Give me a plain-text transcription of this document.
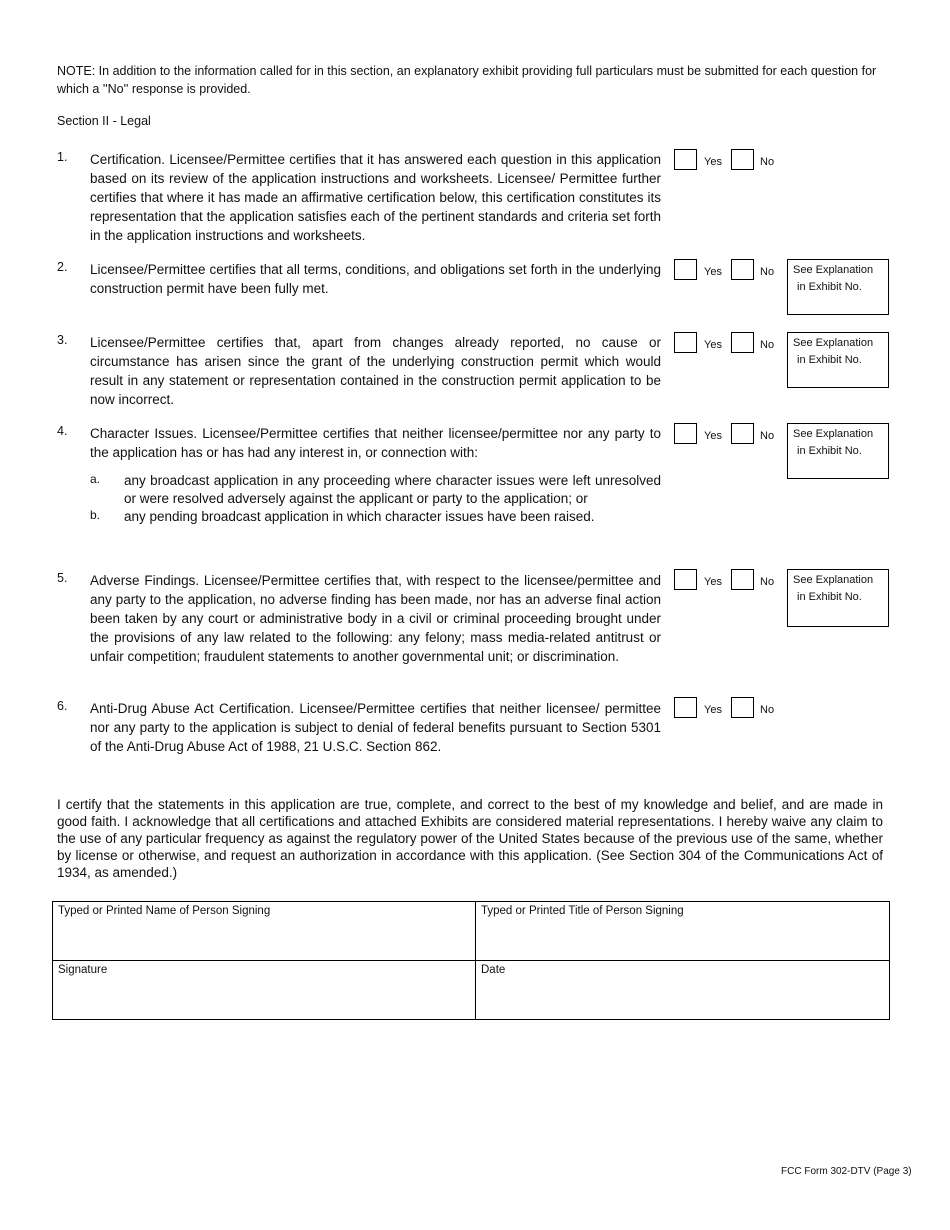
NOTE: In addition to the information called for in this section, an explanatory exhibit providing full particulars must be submitted for each question for which a ''No'' response is provided.
Section II - Legal
1. Certification. Licensee/Permittee certifies that it has answered each question in this application based on its review of the application instructions and worksheets. Licensee/ Permittee further certifies that where it has made an affirmative certification below, this certification constitutes its representation that the application satisfies each of the pertinent standards and criteria set forth in the application instructions and worksheets.
Yes	No
2. Licensee/Permittee certifies that all terms, conditions, and obligations set forth in the underlying construction permit have been fully met.
Yes	No See Explanation
in Exhibit No.
3. Licensee/Permittee certifies that, apart from changes already reported, no cause or circumstance has arisen since the grant of the underlying construction permit which would result in any statement or representation contained in the construction permit application to be now incorrect.
Yes	No See Explanation
in Exhibit No.
4. Character Issues. Licensee/Permittee certifies that neither licensee/permittee nor any party to the application has or has had any interest in, or connection with:
a. any broadcast application in any proceeding where character issues were left unresolved or were resolved adversely against the applicant or party to the application; or
b. any pending broadcast application in which character issues have been raised.
Yes	No See Explanation
in Exhibit No.
5. Adverse Findings. Licensee/Permittee certifies that, with respect to the licensee/permittee and any party to the application, no adverse finding has been made, nor has an adverse final action been taken by any court or administrative body in a civil or criminal proceeding brought under the provisions of any law related to the following: any felony; mass media-related antitrust or unfair competition; fraudulent statements to another governmental unit; or discrimination.
Yes	No See Explanation
in Exhibit No.
6. Anti-Drug Abuse Act Certification. Licensee/Permittee certifies that neither licensee/ permittee nor any party to the application is subject to denial of federal benefits pursuant to Section 5301 of the Anti-Drug Abuse Act of 1988, 21 U.S.C. Section 862.
Yes	No
I certify that the statements in this application are true, complete, and correct to the best of my knowledge and belief, and are made in good faith. I acknowledge that all certifications and attached Exhibits are considered material representations. I hereby waive any claim to the use of any particular frequency as against the regulatory power of the United States because of the previous use of the same, whether by license or otherwise, and request an authorization in accordance with this application. (See Section 304 of the Communications Act of 1934, as amended.)
Typed or Printed Name of Person Signing	Typed or Printed Title of Person Signing
Signature	Date
FCC Form 302-DTV (Page 3)
